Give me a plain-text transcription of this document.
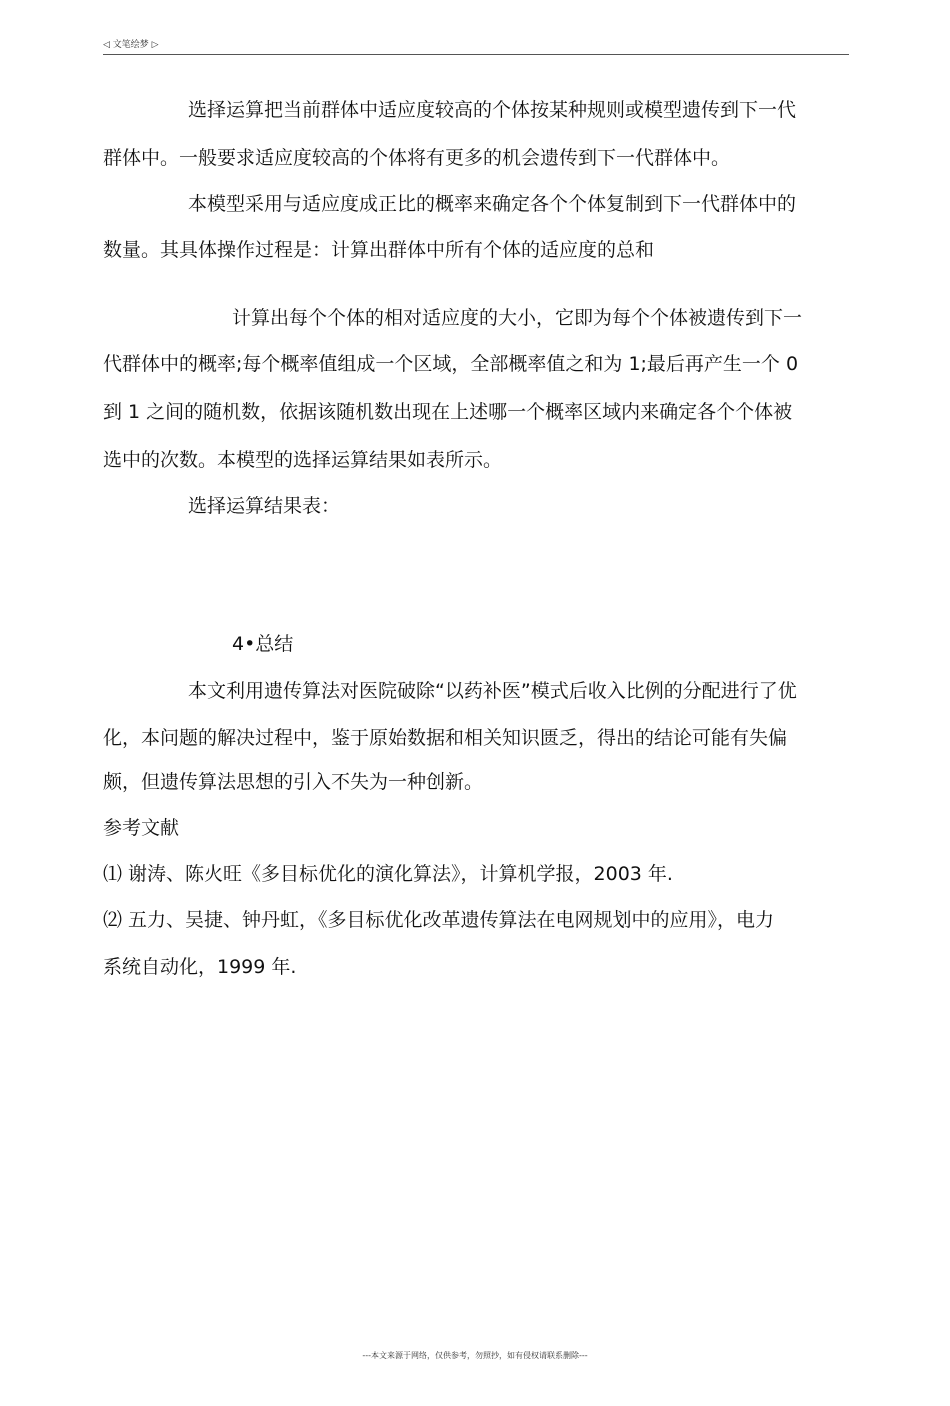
◁ 文笔绘梦 ▷
选择运算把当前群体中适应度较高的个体按某种规则或模型遗传到下一代
群体中。一般要求适应度较高的个体将有更多的机会遗传到下一代群体中。
本模型采用与适应度成正比的概率来确定各个个体复制到下一代群体中的
数量。其具体操作过程是：计算出群体中所有个体的适应度的总和
计算出每个个体的相对适应度的大小，它即为每个个体被遗传到下一
代群体中的概率;每个概率值组成一个区域，全部概率值之和为 1;最后再产生一个 0
到 1 之间的随机数，依据该随机数出现在上述哪一个概率区域内来确定各个个体被
选中的次数。本模型的选择运算结果如表所示。
选择运算结果表：
4•总结
本文利用遗传算法对医院破除“以药补医”模式后收入比例的分配进行了优
化，本问题的解决过程中，鉴于原始数据和相关知识匮乏，得出的结论可能有失偏
颇，但遗传算法思想的引入不失为一种创新。
参考文献
⑴ 谢涛、陈火旺《多目标优化的演化算法》，计算机学报，2003 年.
⑵ 五力、吴捷、钟丹虹，《多目标优化改革遗传算法在电网规划中的应用》，电力
系统自动化，1999 年.
---本文来源于网络，仅供参考，勿照抄，如有侵权请联系删除---
